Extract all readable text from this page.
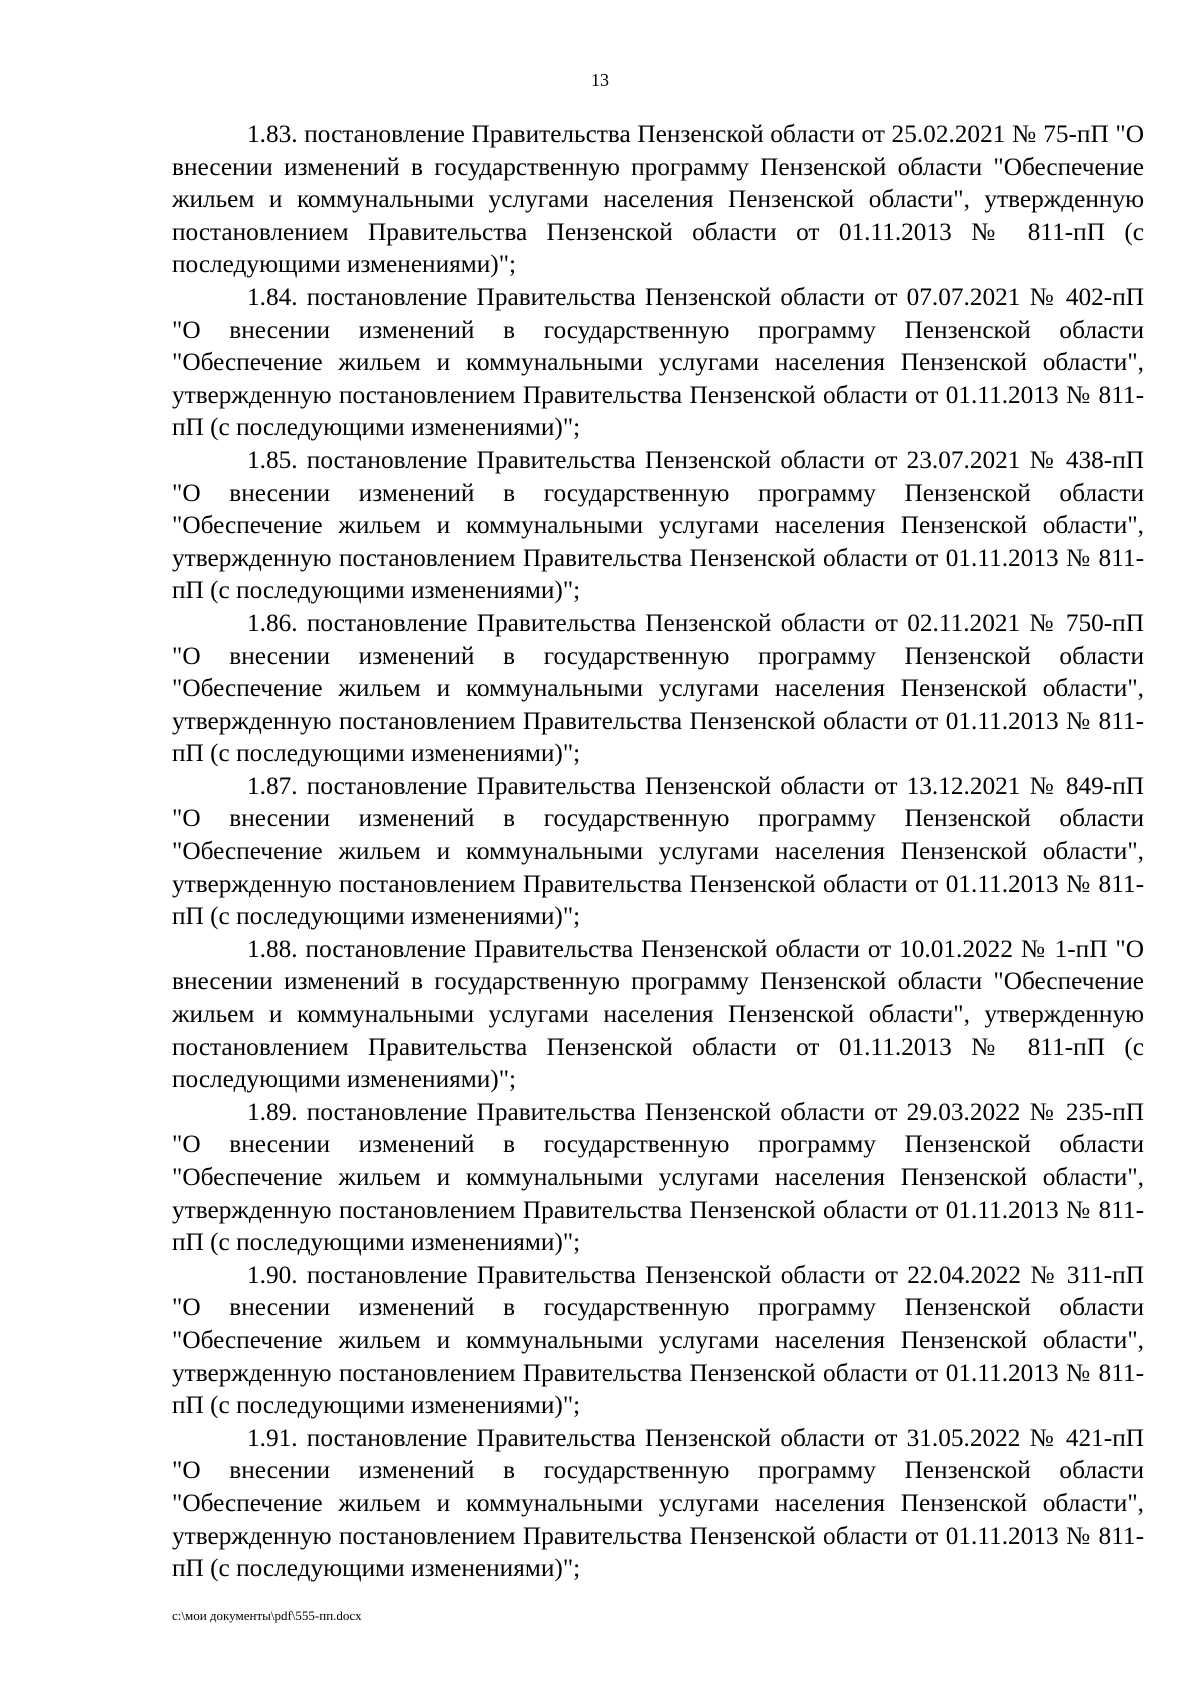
13

1.83. постановление Правительства Пензенской области от 25.02.2021 № 75-пП "О внесении изменений в государственную программу Пензенской области "Обеспечение жильем и коммунальными услугами населения Пензенской области", утвержденную постановлением Правительства Пензенской области от 01.11.2013 № 811-пП (с последующими изменениями)";

1.84. постановление Правительства Пензенской области от 07.07.2021 № 402-пП "О внесении изменений в государственную программу Пензенской области "Обеспечение жильем и коммунальными услугами населения Пензенской области", утвержденную постановлением Правительства Пензенской области от 01.11.2013 № 811-пП (с последующими изменениями)";

1.85. постановление Правительства Пензенской области от 23.07.2021 № 438-пП "О внесении изменений в государственную программу Пензенской области "Обеспечение жильем и коммунальными услугами населения Пензенской области", утвержденную постановлением Правительства Пензенской области от 01.11.2013 № 811-пП (с последующими изменениями)";

1.86. постановление Правительства Пензенской области от 02.11.2021 № 750-пП "О внесении изменений в государственную программу Пензенской области "Обеспечение жильем и коммунальными услугами населения Пензенской области", утвержденную постановлением Правительства Пензенской области от 01.11.2013 № 811-пП (с последующими изменениями)";

1.87. постановление Правительства Пензенской области от 13.12.2021 № 849-пП "О внесении изменений в государственную программу Пензенской области "Обеспечение жильем и коммунальными услугами населения Пензенской области", утвержденную постановлением Правительства Пензенской области от 01.11.2013 № 811-пП (с последующими изменениями)";

1.88. постановление Правительства Пензенской области от 10.01.2022 № 1-пП "О внесении изменений в государственную программу Пензенской области "Обеспечение жильем и коммунальными услугами населения Пензенской области", утвержденную постановлением Правительства Пензенской области от 01.11.2013 № 811-пП (с последующими изменениями)";

1.89. постановление Правительства Пензенской области от 29.03.2022 № 235-пП "О внесении изменений в государственную программу Пензенской области "Обеспечение жильем и коммунальными услугами населения Пензенской области", утвержденную постановлением Правительства Пензенской области от 01.11.2013 № 811-пП (с последующими изменениями)";

1.90. постановление Правительства Пензенской области от 22.04.2022 № 311-пП "О внесении изменений в государственную программу Пензенской области "Обеспечение жильем и коммунальными услугами населения Пензенской области", утвержденную постановлением Правительства Пензенской области от 01.11.2013 № 811-пП (с последующими изменениями)";

1.91. постановление Правительства Пензенской области от 31.05.2022 № 421-пП "О внесении изменений в государственную программу Пензенской области "Обеспечение жильем и коммунальными услугами населения Пензенской области", утвержденную постановлением Правительства Пензенской области от 01.11.2013 № 811-пП (с последующими изменениями)";

c:\мои документы\pdf\555-пп.docx
